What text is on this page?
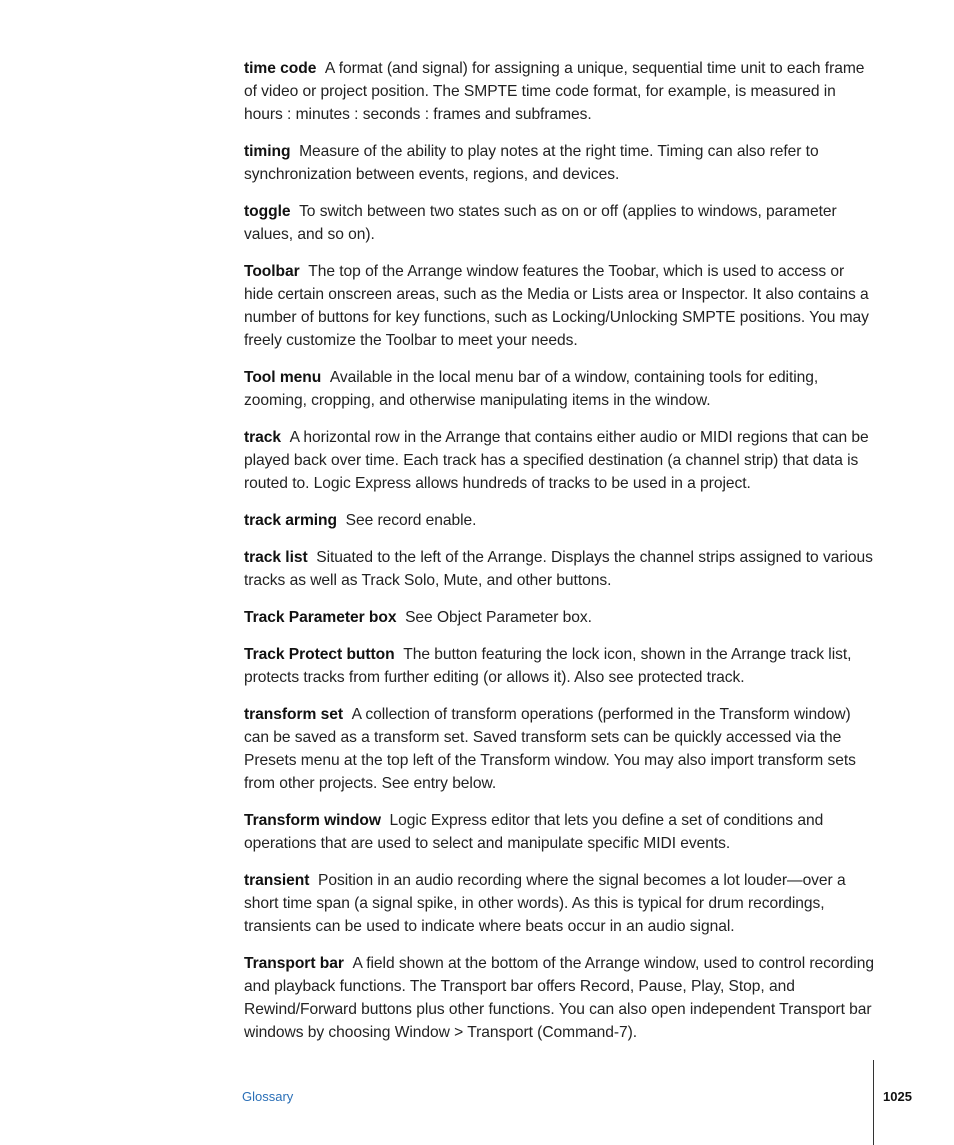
time code A format (and signal) for assigning a unique, sequential time unit to each frame of video or project position. The SMPTE time code format, for example, is measured in hours : minutes : seconds : frames and subframes.

timing Measure of the ability to play notes at the right time. Timing can also refer to synchronization between events, regions, and devices.

toggle To switch between two states such as on or off (applies to windows, parameter values, and so on).

Toolbar The top of the Arrange window features the Toobar, which is used to access or hide certain onscreen areas, such as the Media or Lists area or Inspector. It also contains a number of buttons for key functions, such as Locking/Unlocking SMPTE positions. You may freely customize the Toolbar to meet your needs.

Tool menu Available in the local menu bar of a window, containing tools for editing, zooming, cropping, and otherwise manipulating items in the window.

track A horizontal row in the Arrange that contains either audio or MIDI regions that can be played back over time. Each track has a specified destination (a channel strip) that data is routed to. Logic Express allows hundreds of tracks to be used in a project.

track arming See record enable.

track list Situated to the left of the Arrange. Displays the channel strips assigned to various tracks as well as Track Solo, Mute, and other buttons.

Track Parameter box See Object Parameter box.

Track Protect button The button featuring the lock icon, shown in the Arrange track list, protects tracks from further editing (or allows it). Also see protected track.

transform set A collection of transform operations (performed in the Transform window) can be saved as a transform set. Saved transform sets can be quickly accessed via the Presets menu at the top left of the Transform window. You may also import transform sets from other projects. See entry below.

Transform window Logic Express editor that lets you define a set of conditions and operations that are used to select and manipulate specific MIDI events.

transient Position in an audio recording where the signal becomes a lot louder—over a short time span (a signal spike, in other words). As this is typical for drum recordings, transients can be used to indicate where beats occur in an audio signal.

Transport bar A field shown at the bottom of the Arrange window, used to control recording and playback functions. The Transport bar offers Record, Pause, Play, Stop, and Rewind/Forward buttons plus other functions. You can also open independent Transport bar windows by choosing Window > Transport (Command-7).

Glossary	1025
